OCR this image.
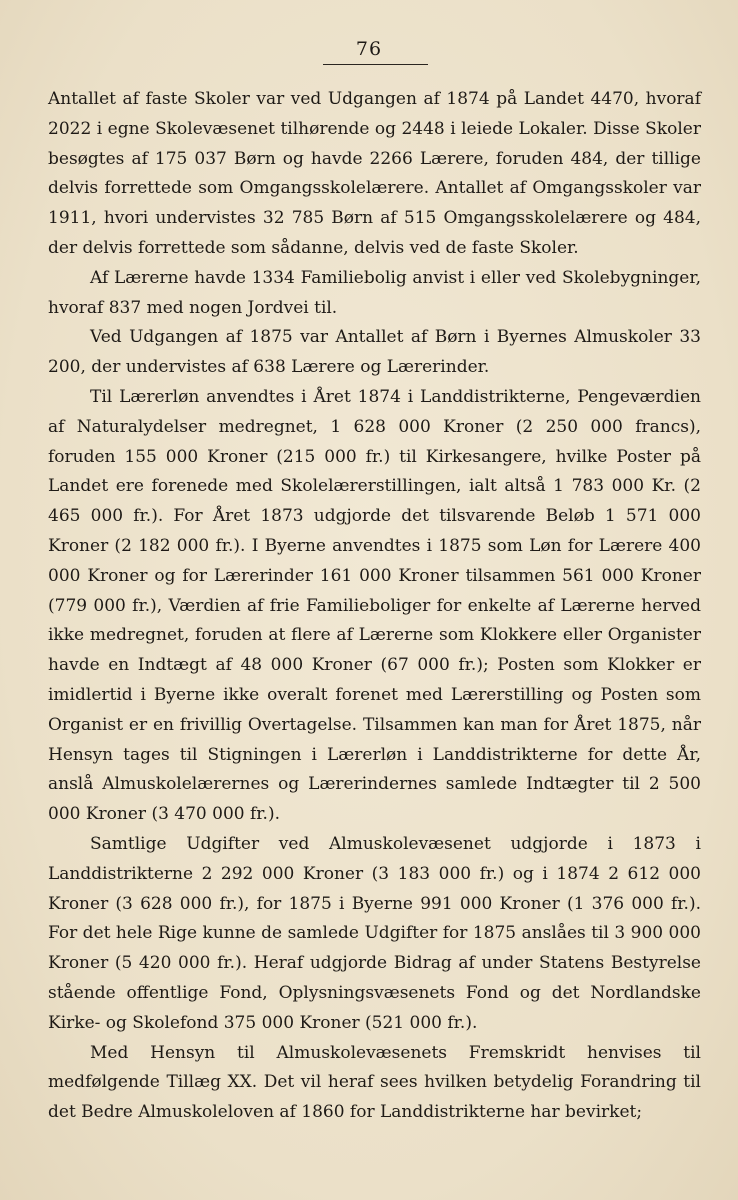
76

Antallet af faste Skoler var ved Udgangen af 1874 på Landet 4470, hvoraf 2022 i egne Skolevæsenet tilhørende og 2448 i leiede Lokaler. Disse Skoler besøgtes af 175 037 Børn og havde 2266 Lærere, foruden 484, der tillige delvis forrettede som Omgangsskolelærere. Antallet af Omgangsskoler var 1911, hvori undervistes 32 785 Børn af 515 Omgangsskolelærere og 484, der delvis forrettede som sådanne, delvis ved de faste Skoler.

Af Lærerne havde 1334 Familiebolig anvist i eller ved Skolebygninger, hvoraf 837 med nogen Jordvei til.

Ved Udgangen af 1875 var Antallet af Børn i Byernes Almuskoler 33 200, der undervistes af 638 Lærere og Lærerinder.

Til Lærerløn anvendtes i Året 1874 i Landdistrikterne, Pengeværdien af Naturalydelser medregnet, 1 628 000 Kroner (2 250 000 francs), foruden 155 000 Kroner (215 000 fr.) til Kirkesangere, hvilke Poster på Landet ere forenede med Skolelærerstillingen, ialt altså 1 783 000 Kr. (2 465 000 fr.). For Året 1873 udgjorde det tilsvarende Beløb 1 571 000 Kroner (2 182 000 fr.). I Byerne anvendtes i 1875 som Løn for Lærere 400 000 Kroner og for Lærerinder 161 000 Kroner tilsammen 561 000 Kroner (779 000 fr.), Værdien af frie Familieboliger for enkelte af Lærerne herved ikke medregnet, foruden at flere af Lærerne som Klokkere eller Organister havde en Indtægt af 48 000 Kroner (67 000 fr.); Posten som Klokker er imidlertid i Byerne ikke overalt forenet med Lærerstilling og Posten som Organist er en frivillig Overtagelse. Tilsammen kan man for Året 1875, når Hensyn tages til Stigningen i Lærerløn i Landdistrikterne for dette År, anslå Almuskolelærernes og Lærerindernes samlede Indtægter til 2 500 000 Kroner (3 470 000 fr.).

Samtlige Udgifter ved Almuskolevæsenet udgjorde i 1873 i Landdistrikterne 2 292 000 Kroner (3 183 000 fr.) og i 1874 2 612 000 Kroner (3 628 000 fr.), for 1875 i Byerne 991 000 Kroner (1 376 000 fr.). For det hele Rige kunne de samlede Udgifter for 1875 anslåes til 3 900 000 Kroner (5 420 000 fr.). Heraf udgjorde Bidrag af under Statens Bestyrelse stående offentlige Fond, Oplysningsvæsenets Fond og det Nordlandske Kirke- og Skolefond 375 000 Kroner (521 000 fr.).

Med Hensyn til Almuskolevæsenets Fremskridt henvises til medfølgende Tillæg XX. Det vil heraf sees hvilken betydelig Forandring til det Bedre Almuskoleloven af 1860 for Landdistrikterne har bevirket;
